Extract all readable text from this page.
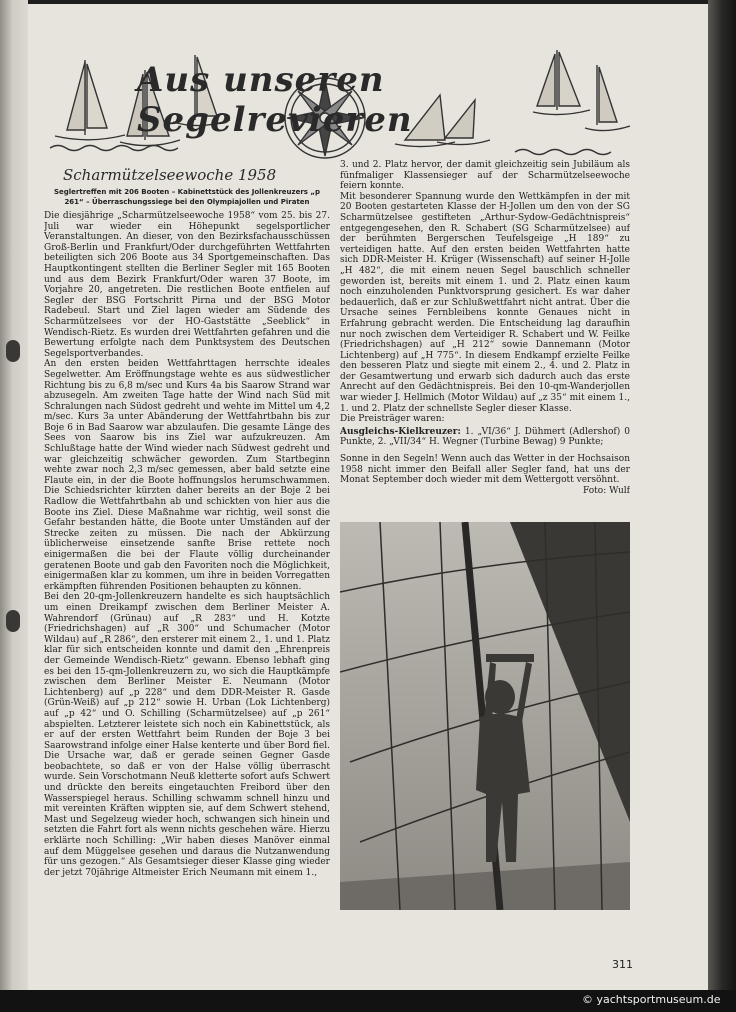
Aus unseren Segelrevieren
Scharmützelseewoche 1958
Seglertreffen mit 206 Booten – Kabinettstück des Jollenkreuzers „p 261“ – Überraschungssiege bei den Olympiajollen und Piraten

Die diesjährige „Scharmützelseewoche 1958“ vom 25. bis 27. Juli war wieder ein Höhepunkt segelsportlicher Veranstaltungen. An dieser, von den Bezirksfachausschüssen Groß-Berlin und Frankfurt/Oder durchgeführten Wettfahrten beteiligten sich 206 Boote aus 34 Sportgemeinschaften. Das Hauptkontingent stellten die Berliner Segler mit 165 Booten und aus dem Bezirk Frankfurt/Oder waren 37 Boote, im Vorjahre 20, angetreten. Die restlichen Boote entfielen auf Segler der BSG Fortschritt Pirna und der BSG Motor Radebeul. Start und Ziel lagen wieder am Südende des Scharmützelsees vor der HO-Gaststätte „Seeblick“ in Wendisch-Rietz. Es wurden drei Wettfahrten gefahren und die Bewertung erfolgte nach dem Punktsystem des Deutschen Segelsportverbandes.

An den ersten beiden Wettfahrttagen herrschte ideales Segelwetter. Am Eröffnungstage wehte es aus südwestlicher Richtung bis zu 6,8 m/sec und Kurs 4a bis Saarow Strand war abzusegeln. Am zweiten Tage hatte der Wind nach Süd mit Schralungen nach Südost gedreht und wehte im Mittel um 4,2 m/sec. Kurs 3a unter Abänderung der Wettfahrtbahn bis zur Boje 6 in Bad Saarow war abzulaufen. Die gesamte Länge des Sees von Saarow bis ins Ziel war aufzukreuzen. Am Schlußtage hatte der Wind wieder nach Südwest gedreht und war gleichzeitig schwächer geworden. Zum Startbeginn wehte zwar noch 2,3 m/sec gemessen, aber bald setzte eine Flaute ein, in der die Boote hoffnungslos herumschwammen. Die Schiedsrichter kürzten daher bereits an der Boje 2 bei Radlow die Wettfahrtbahn ab und schickten von hier aus die Boote ins Ziel. Diese Maßnahme war richtig, weil sonst die Gefahr bestanden hätte, die Boote unter Umständen auf der Strecke zeiten zu müssen. Die nach der Abkürzung üblicherweise einsetzende sanfte Brise rettete noch einigermaßen die bei der Flaute völlig durcheinander geratenen Boote und gab den Favoriten noch die Möglichkeit, einigermaßen klar zu kommen, um ihre in beiden Vorregatten erkämpften führenden Positionen behaupten zu können.

Bei den 20-qm-Jollenkreuzern handelte es sich hauptsächlich um einen Dreikampf zwischen dem Berliner Meister A. Wahrendorf (Grünau) auf „R 283“ und H. Kotzte (Friedrichshagen) auf „R 300“ und Schumacher (Motor Wildau) auf „R 286“, den ersterer mit einem 2., 1. und 1. Platz klar für sich entscheiden konnte und damit den „Ehrenpreis der Gemeinde Wendisch-Rietz“ gewann. Ebenso lebhaft ging es bei den 15-qm-Jollenkreuzern zu, wo sich die Hauptkämpfe zwischen dem Berliner Meister E. Neumann (Motor Lichtenberg) auf „p 228“ und dem DDR-Meister R. Gasde (Grün-Weiß) auf „p 212“ sowie H. Urban (Lok Lichtenberg) auf „p 42“ und O. Schilling (Scharmützelsee) auf „p 261“ abspielten. Letzterer leistete sich noch ein Kabinettstück, als er auf der ersten Wettfahrt beim Runden der Boje 3 bei Saarowstrand infolge einer Halse kenterte und über Bord fiel. Die Ursache war, daß er gerade seinen Gegner Gasde beobachtete, so daß er von der Halse völlig überrascht wurde. Sein Vorschotmann Neuß kletterte sofort aufs Schwert und drückte den bereits eingetauchten Freibord über den Wasserspiegel heraus. Schilling schwamm schnell hinzu und mit vereinten Kräften wippten sie, auf dem Schwert stehend, Mast und Segelzeug wieder hoch, schwangen sich hinein und setzten die Fahrt fort als wenn nichts geschehen wäre. Hierzu erklärte noch Schilling: „Wir haben dieses Manöver einmal auf dem Müggelsee gesehen und daraus die Nutzanwendung für uns gezogen.“ Als Gesamtsieger dieser Klasse ging wieder der jetzt 70jährige Altmeister Erich Neumann mit einem 1.,

3. und 2. Platz hervor, der damit gleichzeitig sein Jubiläum als fünfmaliger Klassensieger auf der Scharmützelseewoche feiern konnte.

Mit besonderer Spannung wurde den Wettkämpfen in der mit 20 Booten gestarteten Klasse der H-Jollen um den von der SG Scharmützelsee gestifteten „Arthur-Sydow-Gedächtnispreis“ entgegengesehen, den R. Schabert (SG Scharmützelsee) auf der berühmten Bergerschen Teufelsgeige „H 189“ zu verteidigen hatte. Auf den ersten beiden Wettfahrten hatte sich DDR-Meister H. Krüger (Wissenschaft) auf seiner H-Jolle „H 482“, die mit einem neuen Segel bauschlich schneller geworden ist, bereits mit einem 1. und 2. Platz einen kaum noch einzuholenden Punktvorsprung gesichert. Es war daher bedauerlich, daß er zur Schlußwettfahrt nicht antrat. Über die Ursache seines Fernbleibens konnte Genaues nicht in Erfahrung gebracht werden. Die Entscheidung lag daraufhin nur noch zwischen dem Verteidiger R. Schabert und W. Feilke (Friedrichshagen) auf „H 212“ sowie Dannemann (Motor Lichtenberg) auf „H 775“. In diesem Endkampf erzielte Feilke den besseren Platz und siegte mit einem 2., 4. und 2. Platz in der Gesamtwertung und erwarb sich dadurch auch das erste Anrecht auf den Gedächtnispreis. Bei den 10-qm-Wanderjollen war wieder J. Hellmich (Motor Wildau) auf „z 35“ mit einem 1., 1. und 2. Platz der schnellste Segler dieser Klasse.

Die Preisträger waren:

Ausgleichs-Kielkreuzer: 1. „VI/36“ J. Dühmert (Adlershof) 0 Punkte, 2. „VII/34“ H. Wegner (Turbine Bewag) 9 Punkte;

Sonne in den Segeln! Wenn auch das Wetter in der Hochsaison 1958 nicht immer den Beifall aller Segler fand, hat uns der Monat September doch wieder mit dem Wettergott versöhnt.

Foto: Wulf

311
© yachtsportmuseum.de
